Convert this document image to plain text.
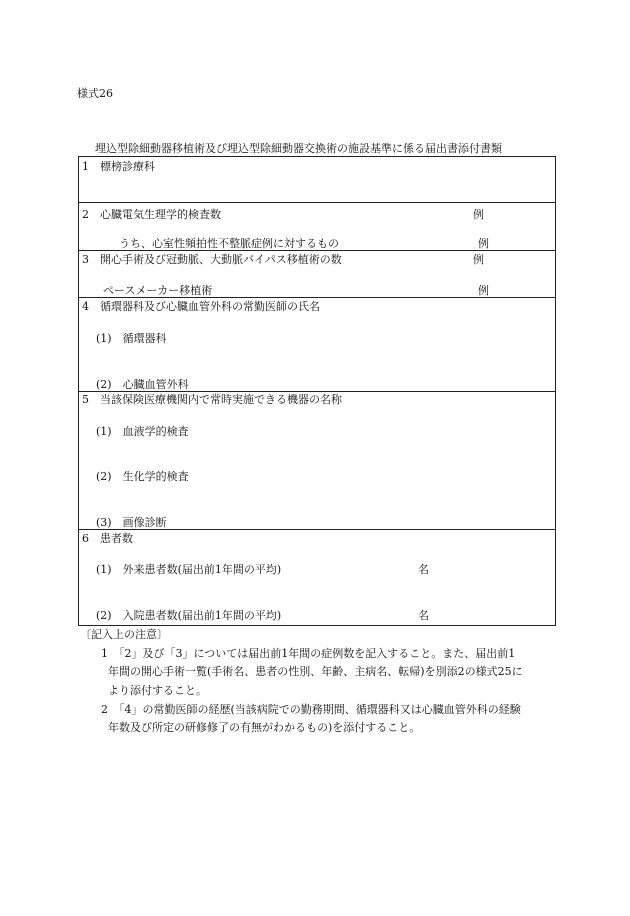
様式26
埋込型除細動器移植術及び埋込型除細動器交換術の施設基準に係る届出書添付書類
1　標榜診療科
2　心臓電気生理学的検査数	例
うち、心室性頻拍性不整脈症例に対するもの	例
3　開心手術及び冠動脈、大動脈バイパス移植術の数	例
ペースメーカー移植術	例
4　循環器科及び心臓血管外科の常勤医師の氏名
(1)　循環器科
(2)　心臓血管外科
5　当該保険医療機関内で常時実施できる機器の名称
(1)　血液学的検査
(2)　生化学的検査
(3)　画像診断
6　患者数
(1)　外来患者数(届出前1年間の平均)	名
(2)　入院患者数(届出前1年間の平均)	名
〔記入上の注意〕
1　「2」及び「3」については届出前1年間の症例数を記入すること。また、届出前1
年間の開心手術一覧(手術名、患者の性別、年齢、主病名、転帰)を別添2の様式25に
より添付すること。
2　「4」の常勤医師の経歴(当該病院での勤務期間、循環器科又は心臓血管外科の経験
年数及び所定の研修修了の有無がわかるもの)を添付すること。
